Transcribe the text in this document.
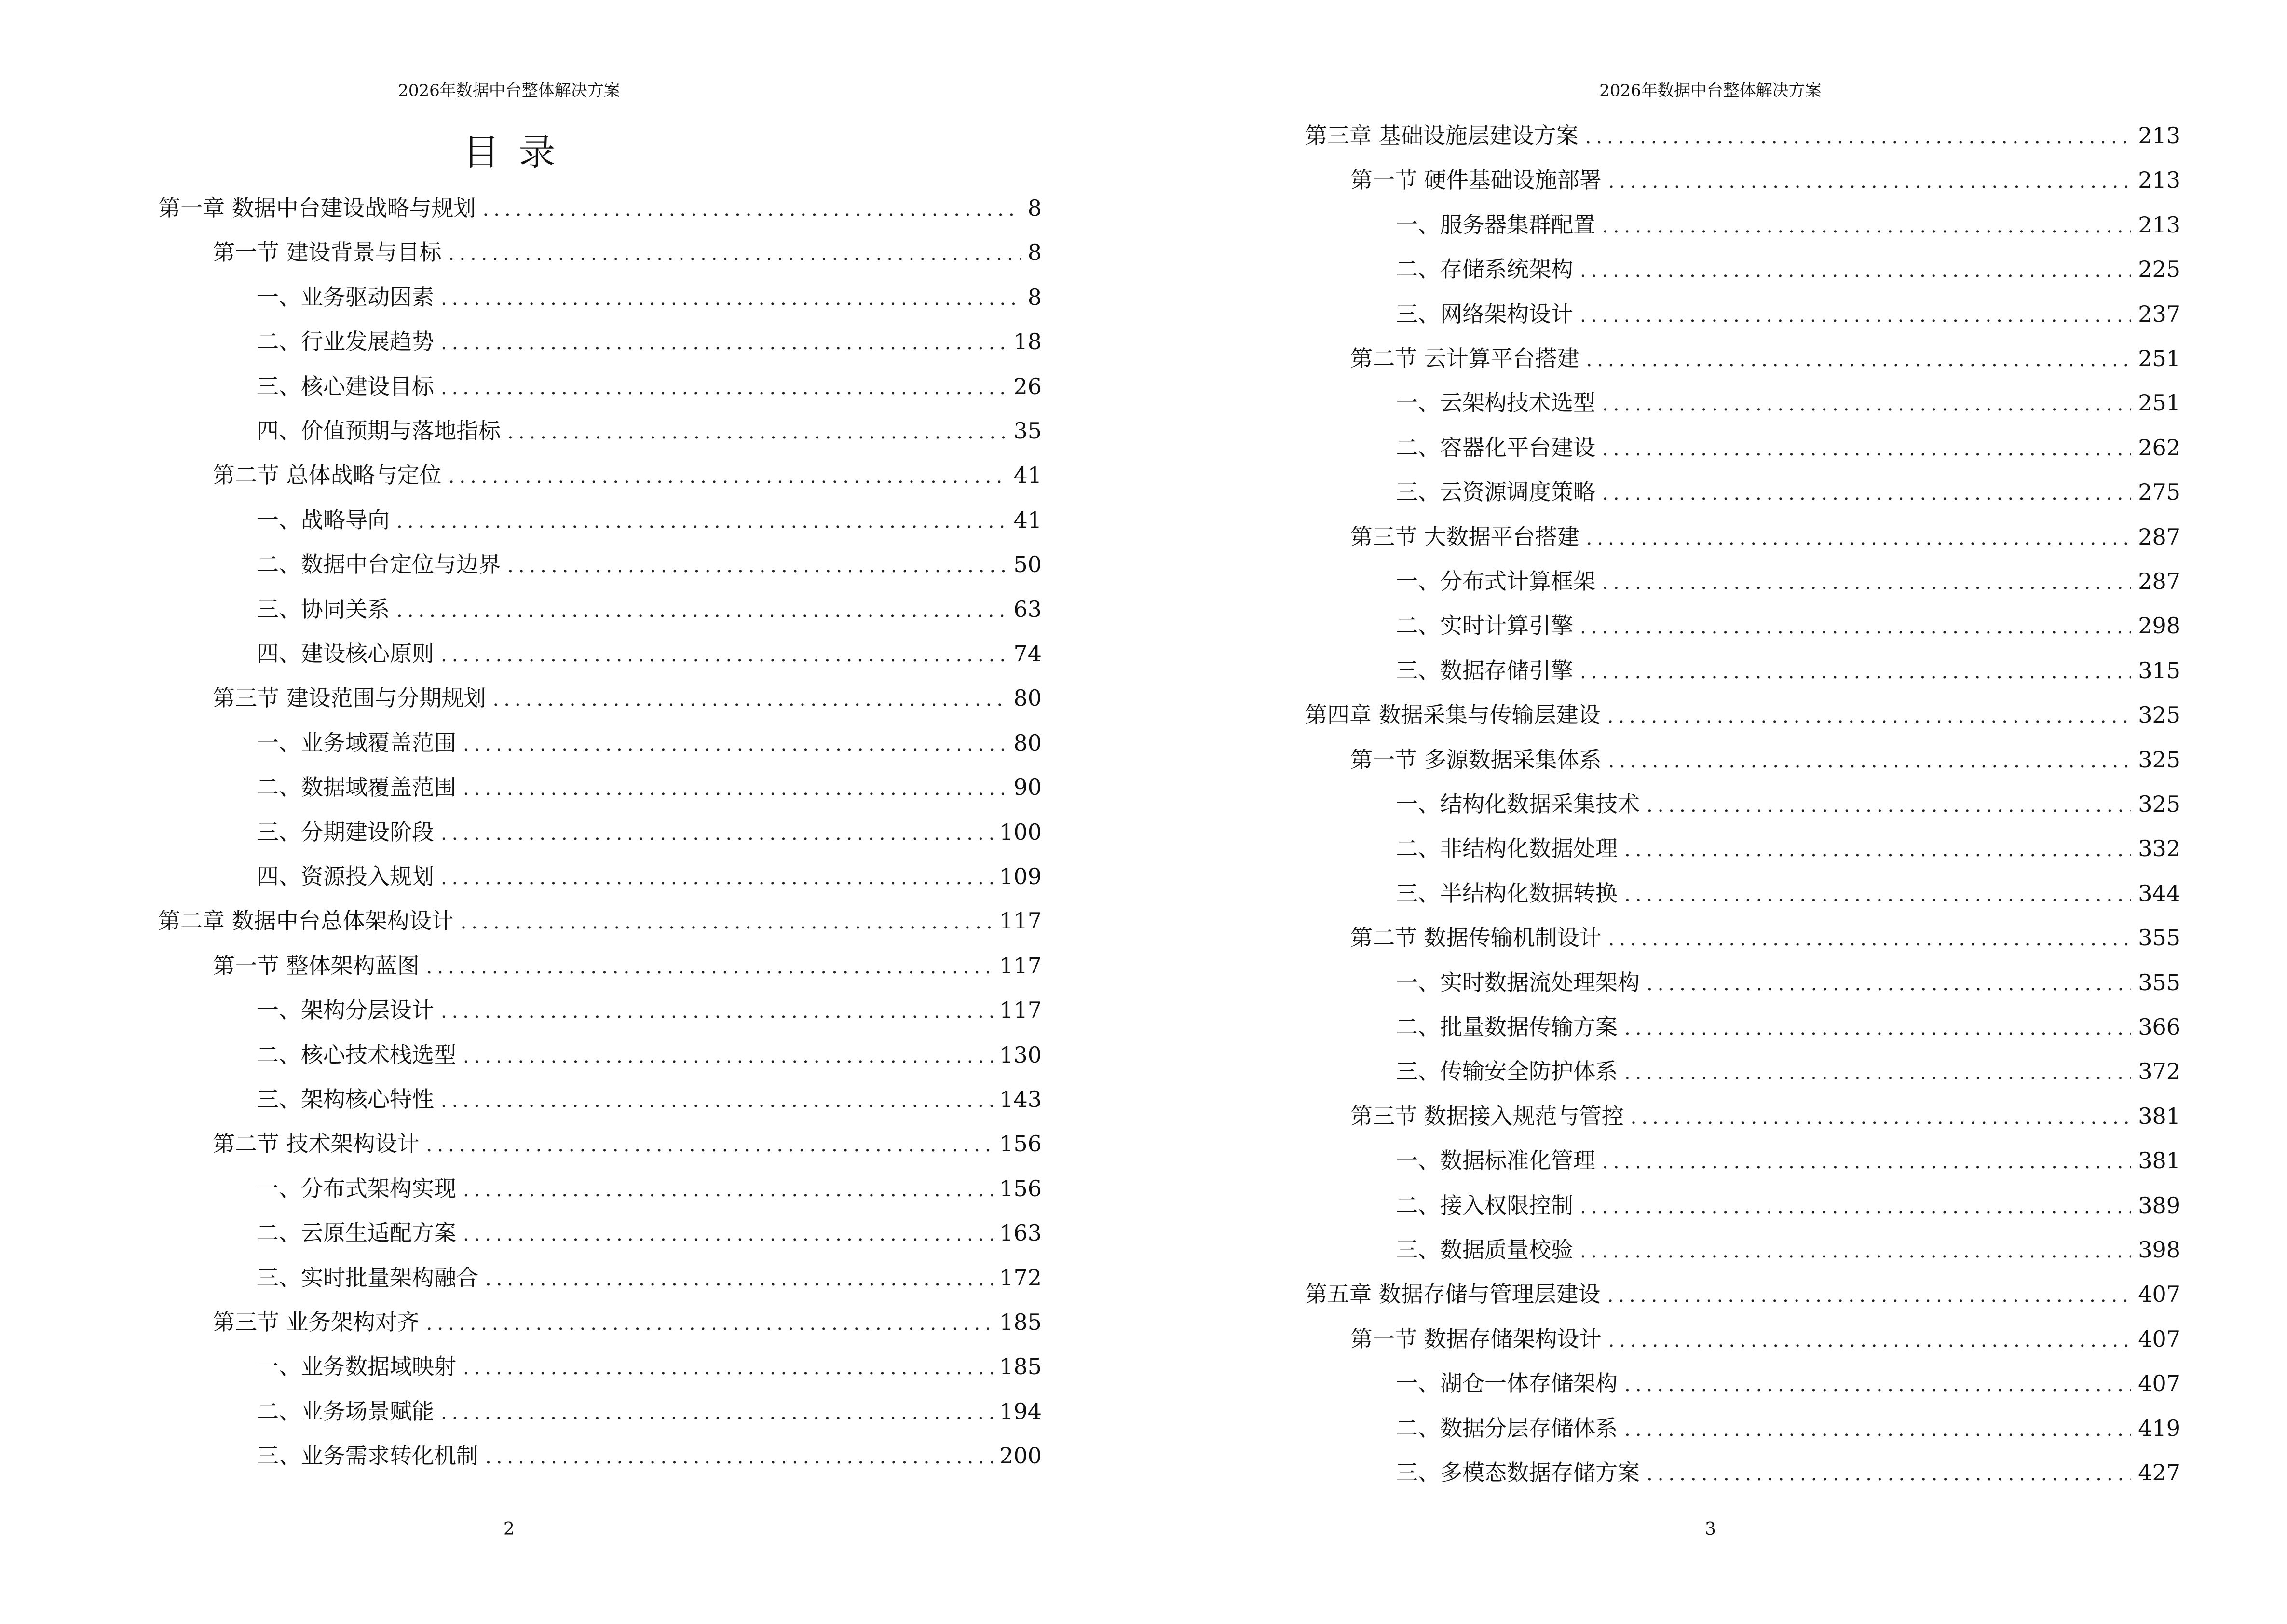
2026年数据中台整体解决方案
目录
第一章 数据中台建设战略与规划 .....	8
第一节 建设背景与目标 .....	8
一、业务驱动因素 .....	8
二、行业发展趋势 .....	18
三、核心建设目标 .....	26
四、价值预期与落地指标 .....	35
第二节 总体战略与定位 .....	41
一、战略导向 .....	41
二、数据中台定位与边界 .....	50
三、协同关系 .....	63
四、建设核心原则 .....	74
第三节 建设范围与分期规划 .....	80
一、业务域覆盖范围 .....	80
二、数据域覆盖范围 .....	90
三、分期建设阶段 .....	100
四、资源投入规划 .....	109
第二章 数据中台总体架构设计 .....	117
第一节 整体架构蓝图 .....	117
一、架构分层设计 .....	117
二、核心技术栈选型 .....	130
三、架构核心特性 .....	143
第二节 技术架构设计 .....	156
一、分布式架构实现 .....	156
二、云原生适配方案 .....	163
三、实时批量架构融合 .....	172
第三节 业务架构对齐 .....	185
一、业务数据域映射 .....	185
二、业务场景赋能 .....	194
三、业务需求转化机制 .....	200
2
2026年数据中台整体解决方案
第三章 基础设施层建设方案 .....	213
第一节 硬件基础设施部署 .....	213
一、服务器集群配置 .....	213
二、存储系统架构 .....	225
三、网络架构设计 .....	237
第二节 云计算平台搭建 .....	251
一、云架构技术选型 .....	251
二、容器化平台建设 .....	262
三、云资源调度策略 .....	275
第三节 大数据平台搭建 .....	287
一、分布式计算框架 .....	287
二、实时计算引擎 .....	298
三、数据存储引擎 .....	315
第四章 数据采集与传输层建设 .....	325
第一节 多源数据采集体系 .....	325
一、结构化数据采集技术 .....	325
二、非结构化数据处理 .....	332
三、半结构化数据转换 .....	344
第二节 数据传输机制设计 .....	355
一、实时数据流处理架构 .....	355
二、批量数据传输方案 .....	366
三、传输安全防护体系 .....	372
第三节 数据接入规范与管控 .....	381
一、数据标准化管理 .....	381
二、接入权限控制 .....	389
三、数据质量校验 .....	398
第五章 数据存储与管理层建设 .....	407
第一节 数据存储架构设计 .....	407
一、湖仓一体存储架构 .....	407
二、数据分层存储体系 .....	419
三、多模态数据存储方案 .....	427
3
